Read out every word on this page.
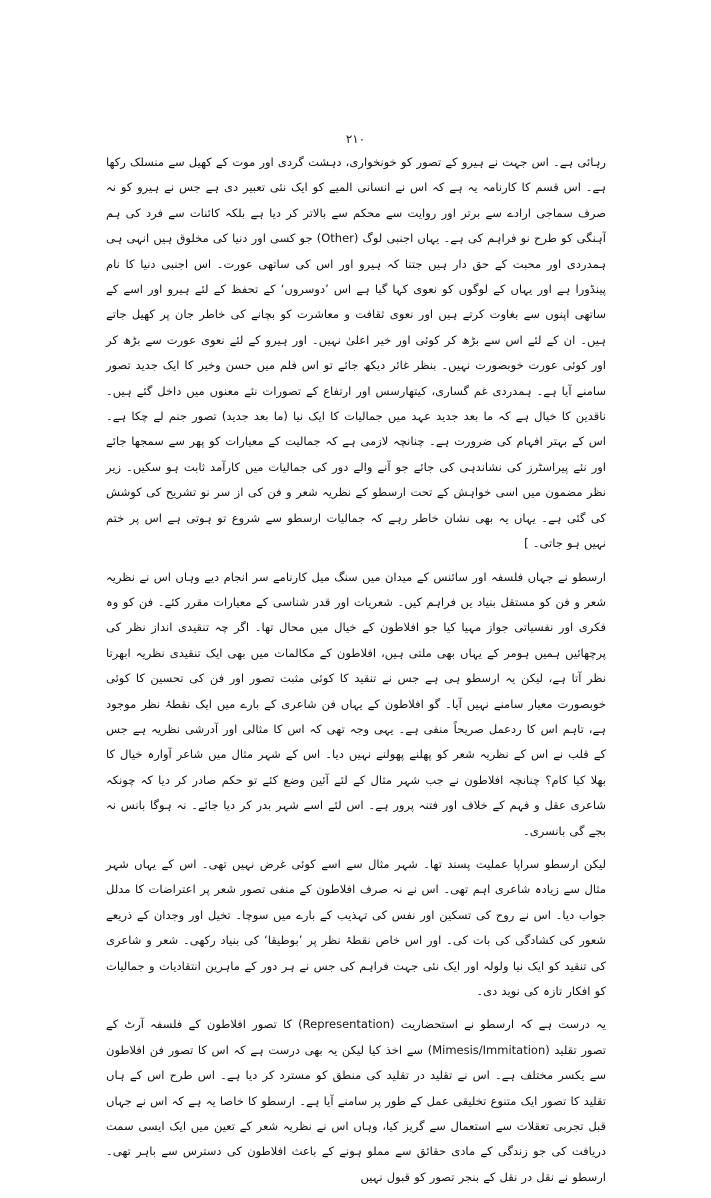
۲۱۰

رہائی ہے۔ اس جہت نے ہیرو کے تصور کو خونخواری، دہشت گردی اور موت کے کھیل سے منسلک رکھا ہے۔ اس قسم کا کارنامہ یہ ہے کہ اس نے انسانی المیے کو ایک نئی تعبیر دی ہے جس نے ہیرو کو نہ صرف سماجی ارادے سے برتر اور روایت سے محکم سے بالاتر کر دیا ہے بلکہ کائنات سے فرد کی ہم آہنگی کو طرح نو فراہم کی ہے۔ یہاں اجنبی لوگ (Other) جو کسی اور دنیا کی مخلوق ہیں انہی ہی ہمدردی اور محبت کے حق دار ہیں جتنا کہ ہیرو اور اس کی ساتھی عورت۔ اس اجنبی دنیا کا نام پینڈورا ہے اور یہاں کے لوگوں کو نعوی کہا گیا ہے اس ’دوسروں‘ کے تحفظ کے لئے ہیرو اور اسے کے ساتھی اپنوں سے بغاوت کرتے ہیں اور نعوی ثقافت و معاشرت کو بچانے کی خاطر جان پر کھیل جاتے ہیں۔ ان کے لئے اس سے بڑھ کر کوئی اور خیر اعلیٰ نہیں۔ اور ہیرو کے لئے نعوی عورت سے بڑھ کر اور کوئی عورت خوبصورت نہیں۔ بنظر غائر دیکھ جائے تو اس فلم میں حسن وخیر کا ایک جدید تصور سامنے آیا ہے۔ ہمدردی غم گساری، کیتھارسس اور ارتفاع کے تصورات نئے معنوں میں داخل گئے ہیں۔ ناقدین کا خیال ہے کہ ما بعد جدید عہد میں جمالیات کا ایک نیا (ما بعد جدید) تصور جنم لے چکا ہے۔ اس کے بہتر افہام کی ضرورت ہے۔ چنانچہ لازمی ہے کہ جمالیت کے معیارات کو پھر سے سمجھا جائے اور نئے پیراسٹرز کی نشاندہی کی جائے جو آنے والے دور کی جمالیات میں کارآمد ثابت ہو سکیں۔ زیر نظر مضمون میں اسی خواہش کے تحت ارسطو کے نظریہ شعر و فن کی از سر نو تشریح کی کوشش کی گئی ہے۔ یہاں یہ بھی نشان خاطر رہے کہ جمالیات ارسطو سے شروع تو ہوتی ہے اس پر ختم نہیں ہو جاتی۔ ]

ارسطو نے جہاں فلسفہ اور سائنس کے میدان میں سنگ میل کارنامے سر انجام دیے وہاں اس نے نظریہ شعر و فن کو مستقل بنیاد یں فراہم کیں۔ شعریات اور قدر شناسی کے معیارات مقرر کئے۔ فن کو وہ فکری اور نفسیاتی جواز مہیا کیا جو افلاطون کے خیال میں محال تھا۔ اگر چہ تنقیدی انداز نظر کی پرچھائیں ہمیں ہومر کے یہاں بھی ملتی ہیں، افلاطون کے مکالمات میں بھی ایک تنقیدی نظریہ ابھرتا نظر آتا ہے، لیکن یہ ارسطو ہی ہے جس نے تنقید کا کوئی مثبت تصور اور فن کی تحسین کا کوئی خوبصورت معیار سامنے نہیں آیا۔ گو افلاطون کے یہاں فن شاعری کے بارے میں ایک نقطۂ نظر موجود ہے، تاہم اس کا ردعمل صریحاً منفی ہے۔ یہی وجہ تھی کہ اس کا مثالی اور آدرشی نظریہ ہے جس کے قلب نے اس کے نظریہ شعر کو پھلنے پھولنے نہیں دیا۔ اس کے شہر مثال میں شاعر آوارہ خیال کا بھلا کیا کام؟ چنانچہ افلاطون نے جب شہر مثال کے لئے آئین وضع کئے تو حکم صادر کر دیا کہ چونکہ شاعری عقل و فہم کے خلاف اور فتنہ پرور ہے۔ اس لئے اسے شہر بدر کر دیا جائے۔ نہ ہوگا بانس نہ بجے گی بانسری۔

لیکن ارسطو سراپا عملیت پسند تھا۔ شہر مثال سے اسے کوئی غرض نہیں تھی۔ اس کے یہاں شہر مثال سے زیادہ شاعری اہم تھی۔ اس نے نہ صرف افلاطون کے منفی تصور شعر پر اعتراضات کا مدلل جواب دیا۔ اس نے روح کی تسکین اور نفس کی تہذیب کے بارے میں سوچا۔ تخیل اور وجدان کے ذریعے شعور کی کشادگی کی بات کی۔ اور اس خاص نقطۂ نظر پر ’بوطیقا‘ کی بنیاد رکھی۔ شعر و شاعری کی تنقید کو ایک نیا ولولہ اور ایک نئی جہت فراہم کی جس نے ہر دور کے ماہرین انتقادیات و جمالیات کو افکار تازہ کی نوید دی۔

یہ درست ہے کہ ارسطو نے استحضاریت (Representation) کا تصور افلاطون کے فلسفہ آرٹ کے تصور تقلید (Mimesis/Immitation) سے اخذ کیا لیکن یہ بھی درست ہے کہ اس کا تصور فن افلاطون سے یکسر مختلف ہے۔ اس نے تقلید در تقلید کی منطق کو مسترد کر دیا ہے۔ اس طرح اس کے ہاں تقلید کا تصور ایک متنوع تخلیقی عمل کے طور پر سامنے آیا ہے۔ ارسطو کا خاصا یہ ہے کہ اس نے جہاں قبل تجربی تعقلات سے استعمال سے گریز کیا، وہاں اس نے نظریہ شعر کے تعین میں ایک ایسی سمت دریافت کی جو زندگی کے مادی حقائق سے مملو ہونے کے باعث افلاطون کی دسترس سے باہر تھی۔ ارسطو نے نقل در نقل کے بنجر تصور کو قبول نہیں
